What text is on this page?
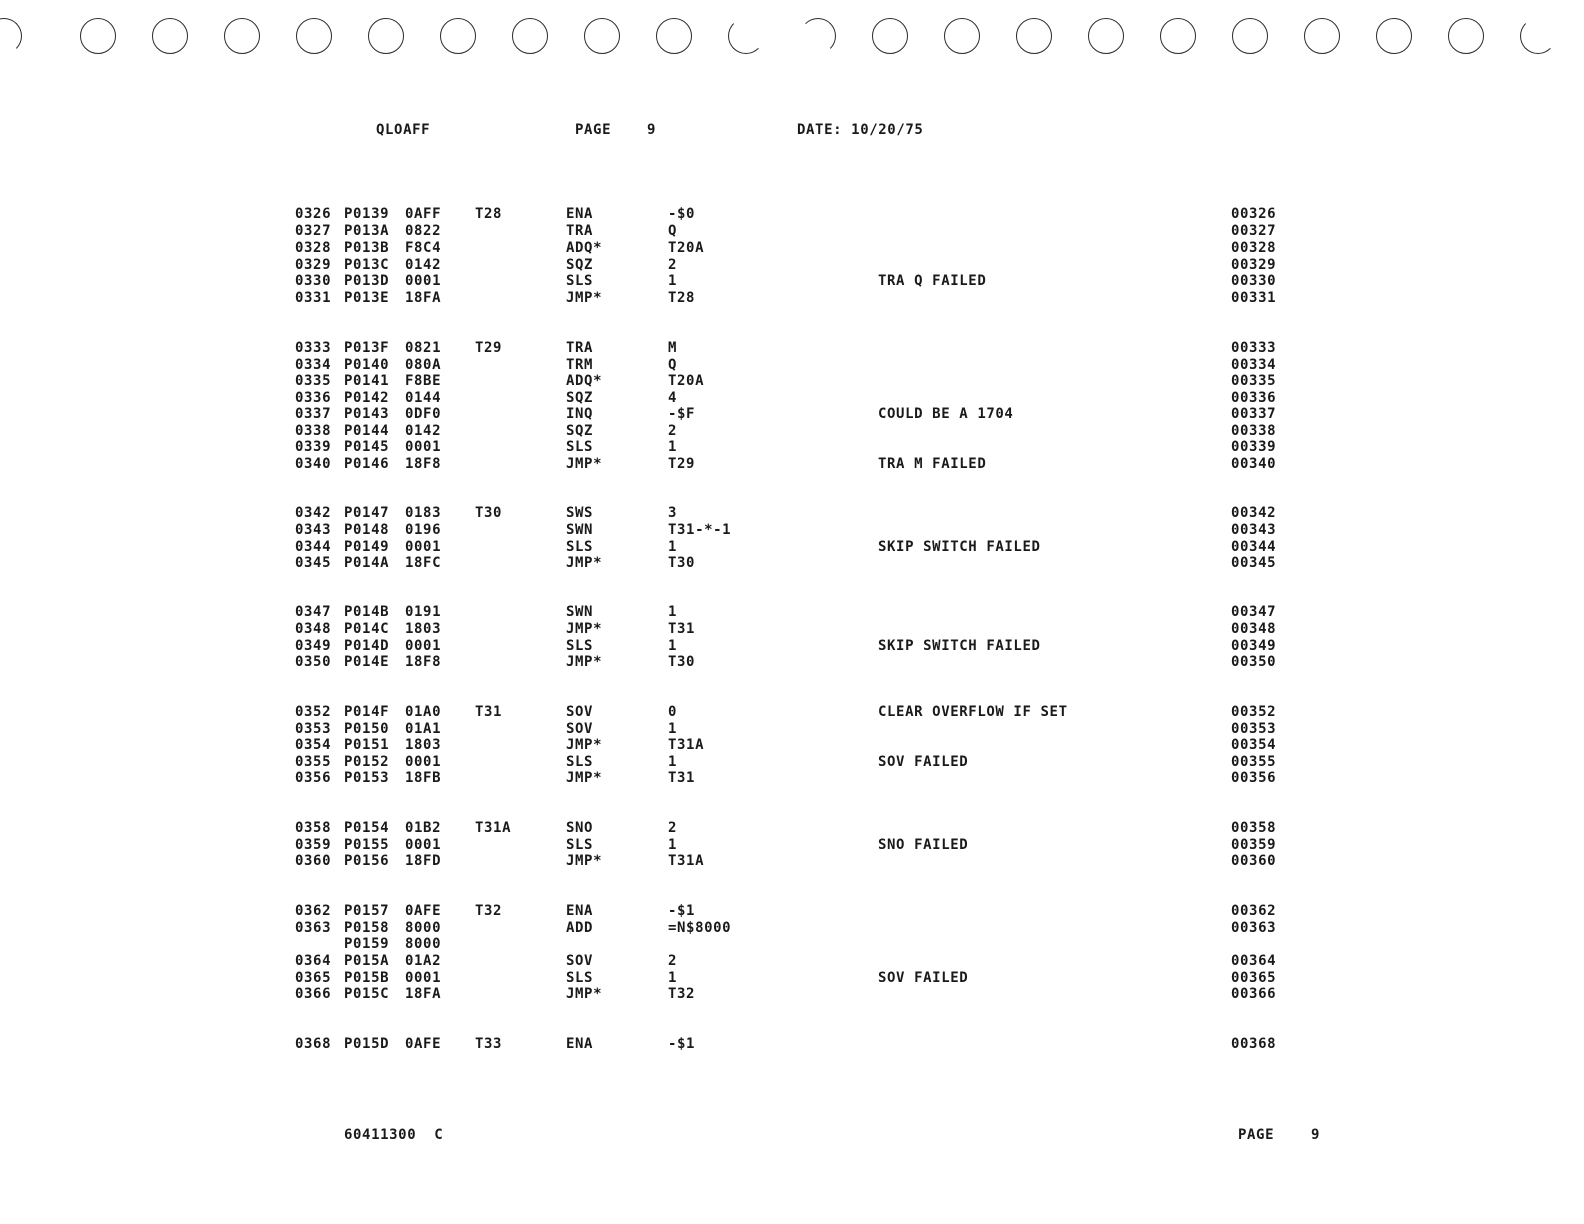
QLOAFF	PAGE	9	DATE: 10/20/75
0326 P0139 0AFF T28	ENA	-$0	00326
0327 P013A 0822	TRA	Q	00327
0328 P013B F8C4	ADQ*	T20A	00328
0329 P013C 0142	SQZ	2	00329
0330 P013D 0001	SLS	1	TRA Q FAILED	00330
0331 P013E 18FA	JMP*	T28	00331
0333 P013F 0821 T29	TRA	M	00333
0334 P0140 080A	TRM	Q	00334
0335 P0141 F8BE	ADQ*	T20A	00335
0336 P0142 0144	SQZ	4	00336
0337 P0143 0DF0	INQ	-$F	COULD BE A 1704	00337
0338 P0144 0142	SQZ	2	00338
0339 P0145 0001	SLS	1	00339
0340 P0146 18F8	JMP*	T29	TRA M FAILED	00340
0342 P0147 0183 T30	SWS	3	00342
0343 P0148 0196	SWN	T31-*-1	00343
0344 P0149 0001	SLS	1	SKIP SWITCH FAILED	00344
0345 P014A 18FC	JMP*	T30	00345
0347 P014B 0191	SWN	1	00347
0348 P014C 1803	JMP*	T31	00348
0349 P014D 0001	SLS	1	SKIP SWITCH FAILED	00349
0350 P014E 18F8	JMP*	T30	00350
0352 P014F 01A0 T31	SOV	0	CLEAR OVERFLOW IF SET	00352
0353 P0150 01A1	SOV	1	00353
0354 P0151 1803	JMP*	T31A	00354
0355 P0152 0001	SLS	1	SOV FAILED	00355
0356 P0153 18FB	JMP*	T31	00356
0358 P0154 01B2 T31A	SNO	2	00358
0359 P0155 0001	SLS	1	SNO FAILED	00359
0360 P0156 18FD	JMP*	T31A	00360
0362 P0157 0AFE T32	ENA	-$1	00362
0363 P0158 8000	ADD	=N$8000	00363
P0159 8000
0364 P015A 01A2	SOV	2	00364
0365 P015B 0001	SLS	1	SOV FAILED	00365
0366 P015C 18FA	JMP*	T32	00366
0368 P015D 0AFE T33	ENA	-$1	00368
60411300  C	PAGE	9
